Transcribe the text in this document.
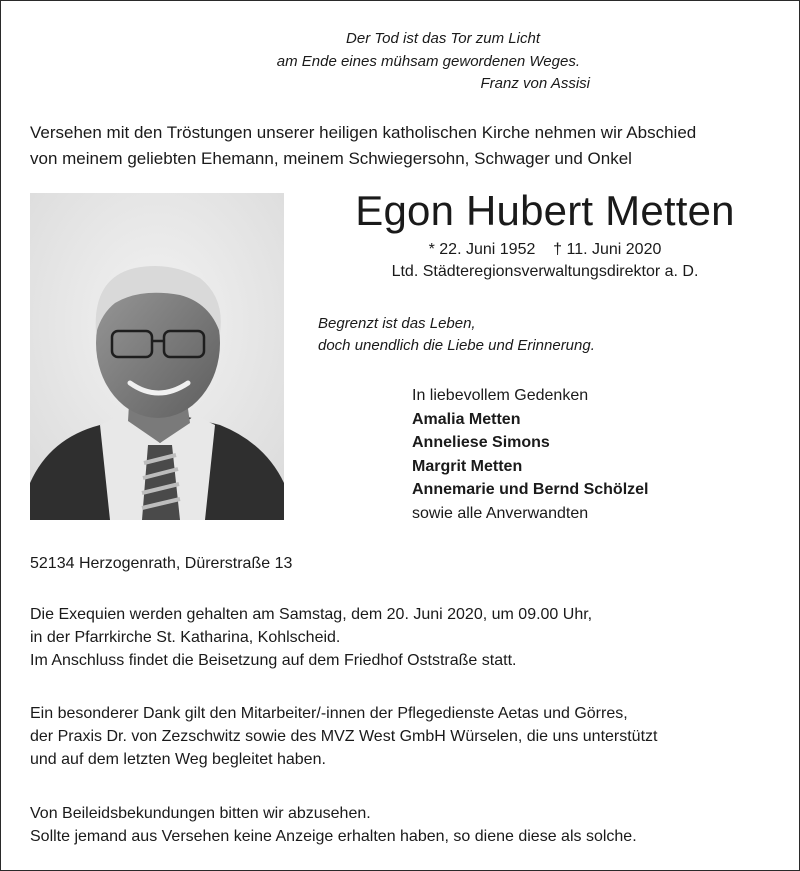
Der Tod ist das Tor zum Licht
am Ende eines mühsam gewordenen Weges.
Franz von Assisi
Versehen mit den Tröstungen unserer heiligen katholischen Kirche nehmen wir Abschied
von meinem geliebten Ehemann, meinem Schwiegersohn, Schwager und Onkel
Egon Hubert Metten
* 22. Juni 1952 † 11. Juni 2020
Ltd. Städteregionsverwaltungsdirektor a. D.
Begrenzt ist das Leben,
doch unendlich die Liebe und Erinnerung.
In liebevollem Gedenken
Amalia Metten
Anneliese Simons
Margrit Metten
Annemarie und Bernd Schölzel
sowie alle Anverwandten
52134 Herzogenrath, Dürerstraße 13
Die Exequien werden gehalten am Samstag, dem 20. Juni 2020, um 09.00 Uhr,
in der Pfarrkirche St. Katharina, Kohlscheid.
Im Anschluss findet die Beisetzung auf dem Friedhof Oststraße statt.
Ein besonderer Dank gilt den Mitarbeiter/-innen der Pflegedienste Aetas und Görres,
der Praxis Dr. von Zezschwitz sowie des MVZ West GmbH Würselen, die uns unterstützt
und auf dem letzten Weg begleitet haben.
Von Beileidsbekundungen bitten wir abzusehen.
Sollte jemand aus Versehen keine Anzeige erhalten haben, so diene diese als solche.
